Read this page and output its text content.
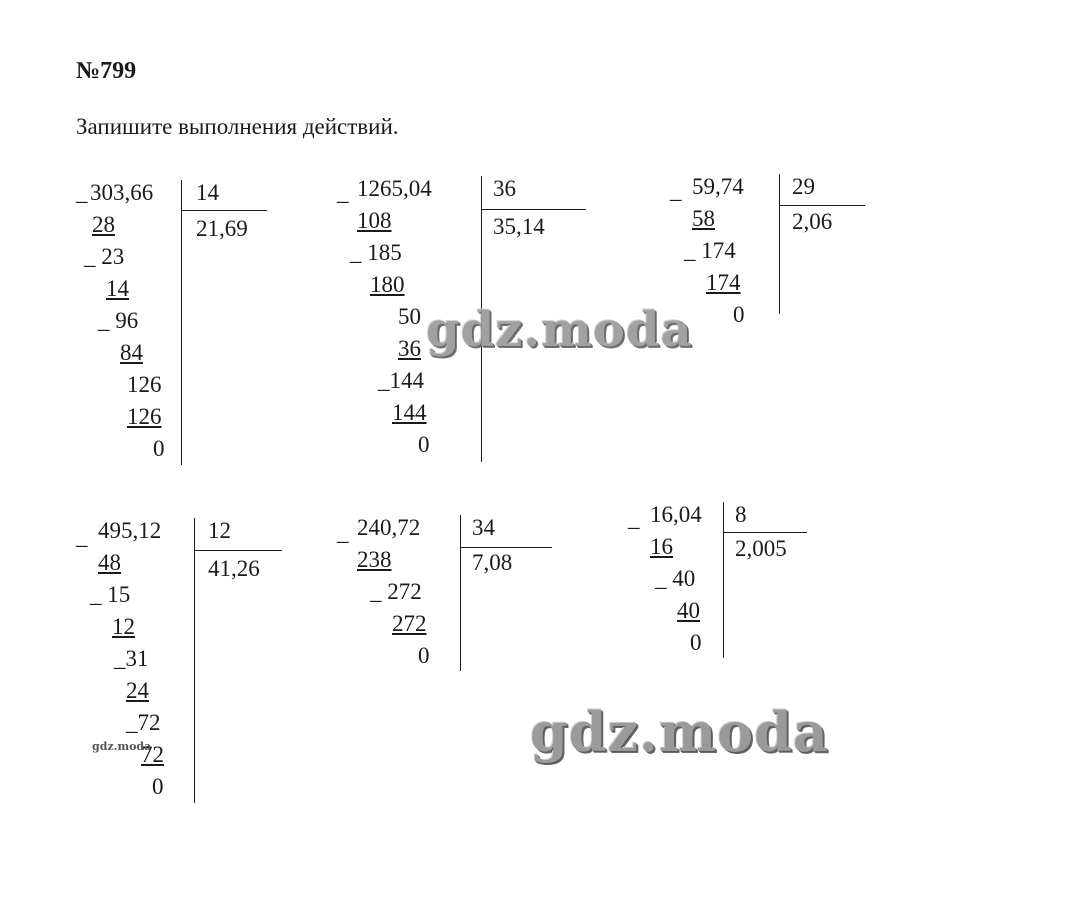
№799
Запишите выполнения действий.
_ 303,66 14
21,69
28
_ 23
14
_ 96
84
126
126
0
_ 1265,04	36
35,14
108
_ 185
180
50
36
_144
144
0
_ 59,74 29
2,06
58
_ 174
174
0
_ 495,12 12
41,26
48
_ 15
12
_31
24
_72
72
0
gdz.moda
_ 240,72 34
7,08
238
_ 272
272
0
_ 16,04 8
2,005
16
_ 40
40
0
gdz.moda
gdz.moda
